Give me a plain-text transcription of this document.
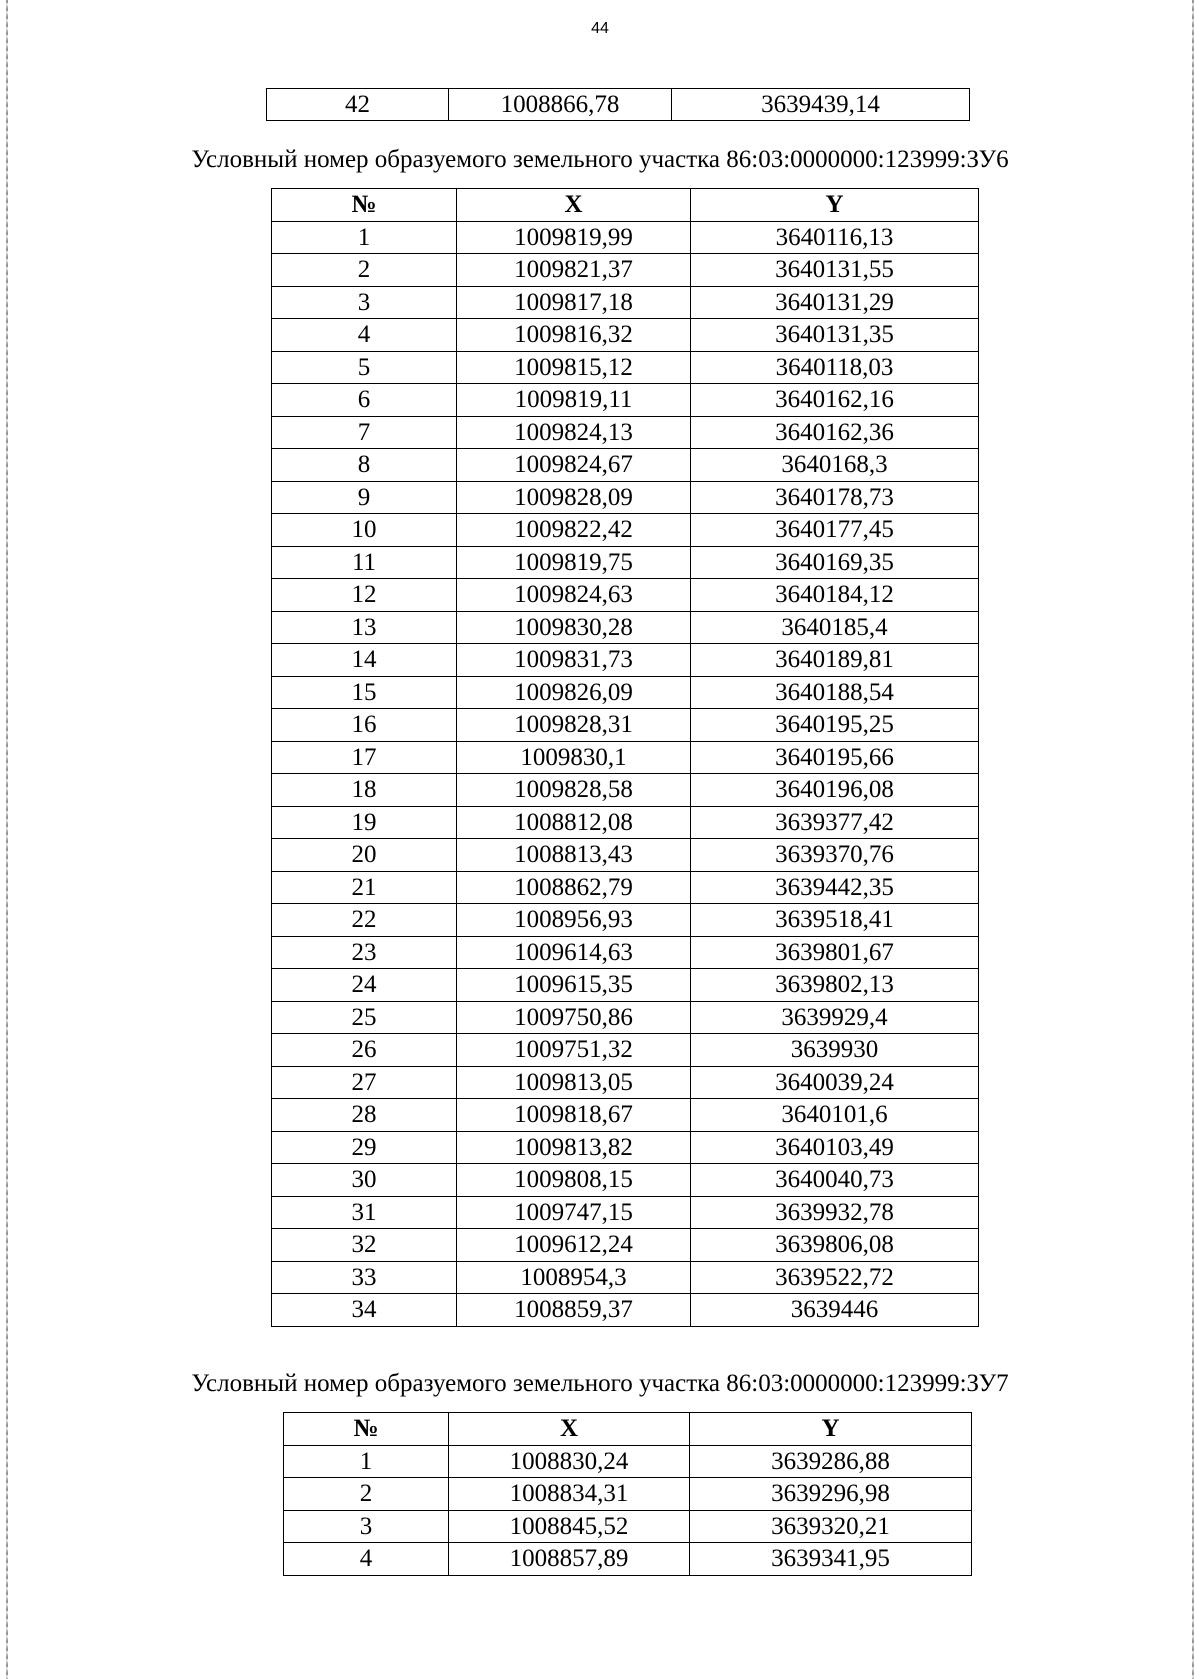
44
42	1008866,78	3639439,14
Условный номер образуемого земельного участка 86:03:0000000:123999:ЗУ6
№	X	Y
1	1009819,99	3640116,13
2	1009821,37	3640131,55
3	1009817,18	3640131,29
4	1009816,32	3640131,35
5	1009815,12	3640118,03
6	1009819,11	3640162,16
7	1009824,13	3640162,36
8	1009824,67	3640168,3
9	1009828,09	3640178,73
10	1009822,42	3640177,45
11	1009819,75	3640169,35
12	1009824,63	3640184,12
13	1009830,28	3640185,4
14	1009831,73	3640189,81
15	1009826,09	3640188,54
16	1009828,31	3640195,25
17	1009830,1	3640195,66
18	1009828,58	3640196,08
19	1008812,08	3639377,42
20	1008813,43	3639370,76
21	1008862,79	3639442,35
22	1008956,93	3639518,41
23	1009614,63	3639801,67
24	1009615,35	3639802,13
25	1009750,86	3639929,4
26	1009751,32	3639930
27	1009813,05	3640039,24
28	1009818,67	3640101,6
29	1009813,82	3640103,49
30	1009808,15	3640040,73
31	1009747,15	3639932,78
32	1009612,24	3639806,08
33	1008954,3	3639522,72
34	1008859,37	3639446
Условный номер образуемого земельного участка 86:03:0000000:123999:ЗУ7
№	X	Y
1	1008830,24	3639286,88
2	1008834,31	3639296,98
3	1008845,52	3639320,21
4	1008857,89	3639341,95
